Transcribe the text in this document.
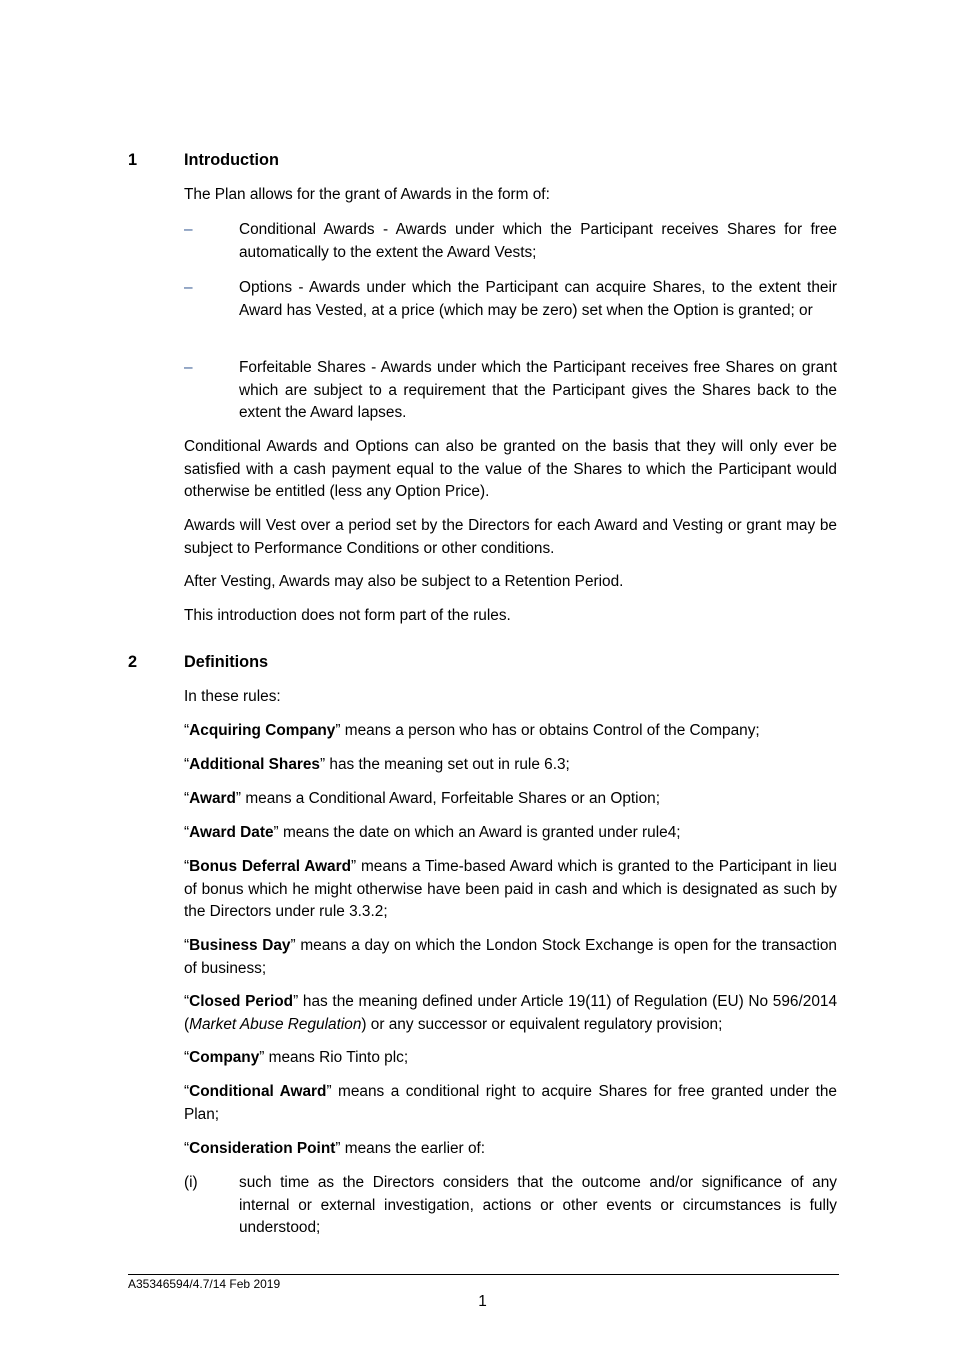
1	Introduction
The Plan allows for the grant of Awards in the form of:
–	Conditional Awards - Awards under which the Participant receives Shares for free automatically to the extent the Award Vests;
–	Options - Awards under which the Participant can acquire Shares, to the extent their Award has Vested, at a price (which may be zero) set when the Option is granted; or
–	Forfeitable Shares - Awards under which the Participant receives free Shares on grant which are subject to a requirement that the Participant gives the Shares back to the extent the Award lapses.
Conditional Awards and Options can also be granted on the basis that they will only ever be satisfied with a cash payment equal to the value of the Shares to which the Participant would otherwise be entitled (less any Option Price).
Awards will Vest over a period set by the Directors for each Award and Vesting or grant may be subject to Performance Conditions or other conditions.
After Vesting, Awards may also be subject to a Retention Period.
This introduction does not form part of the rules.
2	Definitions
In these rules:
“Acquiring Company” means a person who has or obtains Control of the Company;
“Additional Shares” has the meaning set out in rule 6.3;
“Award” means a Conditional Award, Forfeitable Shares or an Option;
“Award Date” means the date on which an Award is granted under rule4;
“Bonus Deferral Award” means a Time-based Award which is granted to the Participant in lieu of bonus which he might otherwise have been paid in cash and which is designated as such by the Directors under rule 3.3.2;
“Business Day” means a day on which the London Stock Exchange is open for the transaction of business;
“Closed Period” has the meaning defined under Article 19(11) of Regulation (EU) No 596/2014 (Market Abuse Regulation) or any successor or equivalent regulatory provision;
“Company” means Rio Tinto plc;
“Conditional Award” means a conditional right to acquire Shares for free granted under the Plan;
“Consideration Point” means the earlier of:
(i)	such time as the Directors considers that the outcome and/or significance of any internal or external investigation, actions or other events or circumstances is fully understood;
A35346594/4.7/14 Feb 2019
1
